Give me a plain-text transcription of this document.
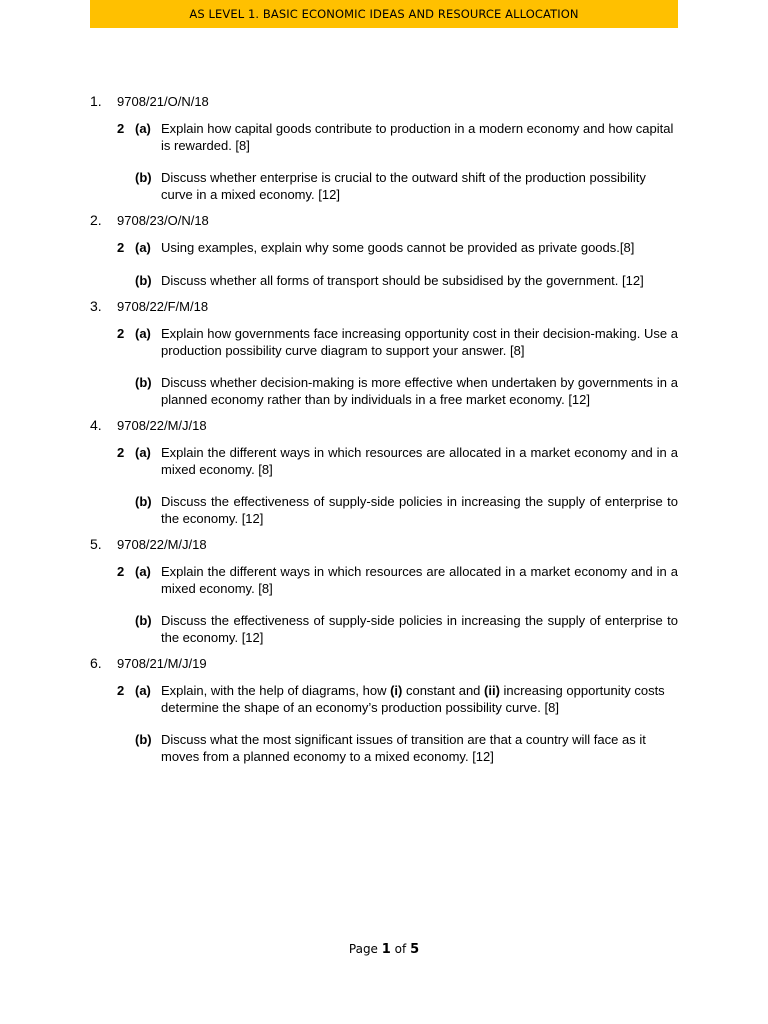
AS LEVEL 1. BASIC ECONOMIC IDEAS AND RESOURCE ALLOCATION
1.	9708/21/O/N/18
2 (a) Explain how capital goods contribute to production in a modern economy and how capital is rewarded. [8]
(b) Discuss whether enterprise is crucial to the outward shift of the production possibility curve in a mixed economy. [12]
2.	9708/23/O/N/18
2 (a) Using examples, explain why some goods cannot be provided as private goods.[8]
(b) Discuss whether all forms of transport should be subsidised by the government. [12]
3.	9708/22/F/M/18
2 (a) Explain how governments face increasing opportunity cost in their decision-making. Use a production possibility curve diagram to support your answer. [8]
(b) Discuss whether decision-making is more effective when undertaken by governments in a planned economy rather than by individuals in a free market economy. [12]
4.	9708/22/M/J/18
2 (a) Explain the different ways in which resources are allocated in a market economy and in a mixed economy. [8]
(b) Discuss the effectiveness of supply-side policies in increasing the supply of enterprise to the economy. [12]
5.	9708/22/M/J/18
2 (a) Explain the different ways in which resources are allocated in a market economy and in a mixed economy. [8]
(b) Discuss the effectiveness of supply-side policies in increasing the supply of enterprise to the economy. [12]
6.	9708/21/M/J/19
2 (a) Explain, with the help of diagrams, how (i) constant and (ii) increasing opportunity costs determine the shape of an economy’s production possibility curve. [8]
(b) Discuss what the most significant issues of transition are that a country will face as it moves from a planned economy to a mixed economy. [12]
Page 1 of 5
